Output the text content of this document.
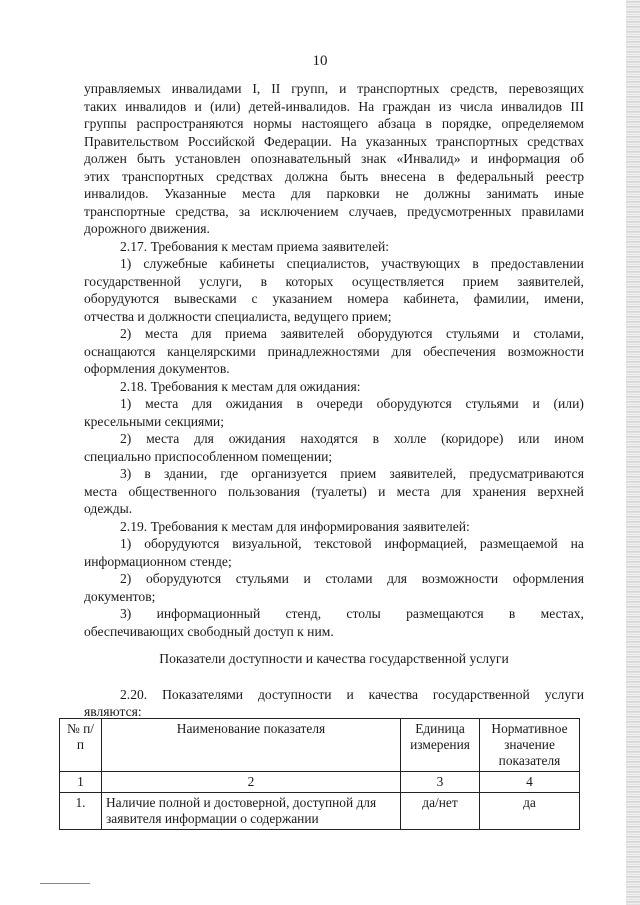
10
управляемых инвалидами I, II групп, и транспортных средств, перевозящих
таких инвалидов и (или) детей-инвалидов. На граждан из числа инвалидов III
группы распространяются нормы настоящего абзаца в порядке, определяемом
Правительством Российской Федерации. На указанных транспортных средствах
должен быть установлен опознавательный знак «Инвалид» и информация об
этих транспортных средствах должна быть внесена в федеральный реестр
инвалидов. Указанные места для парковки не должны занимать иные
транспортные средства, за исключением случаев, предусмотренных правилами
дорожного движения.
2.17. Требования к местам приема заявителей:
1) служебные кабинеты специалистов, участвующих в предоставлении
государственной услуги, в которых осуществляется прием заявителей,
оборудуются вывесками с указанием номера кабинета, фамилии, имени,
отчества и должности специалиста, ведущего прием;
2) места для приема заявителей оборудуются стульями и столами,
оснащаются канцелярскими принадлежностями для обеспечения возможности
оформления документов.
2.18. Требования к местам для ожидания:
1) места для ожидания в очереди оборудуются стульями и (или)
кресельными секциями;
2) места для ожидания находятся в холле (коридоре) или ином
специально приспособленном помещении;
3) в здании, где организуется прием заявителей, предусматриваются
места общественного пользования (туалеты) и места для хранения верхней
одежды.
2.19. Требования к местам для информирования заявителей:
1) оборудуются визуальной, текстовой информацией, размещаемой на
информационном стенде;
2) оборудуются стульями и столами для возможности оформления
документов;
3) информационный стенд, столы размещаются в местах,
обеспечивающих свободный доступ к ним.
Показатели доступности и качества государственной услуги
2.20. Показателями доступности и качества государственной услуги
являются:
№ п/п	Наименование показателя	Единица измерения	Нормативное значение показателя
1	2	3	4
1.	Наличие полной и достоверной, доступной для заявителя информации о содержании	да/нет	да
